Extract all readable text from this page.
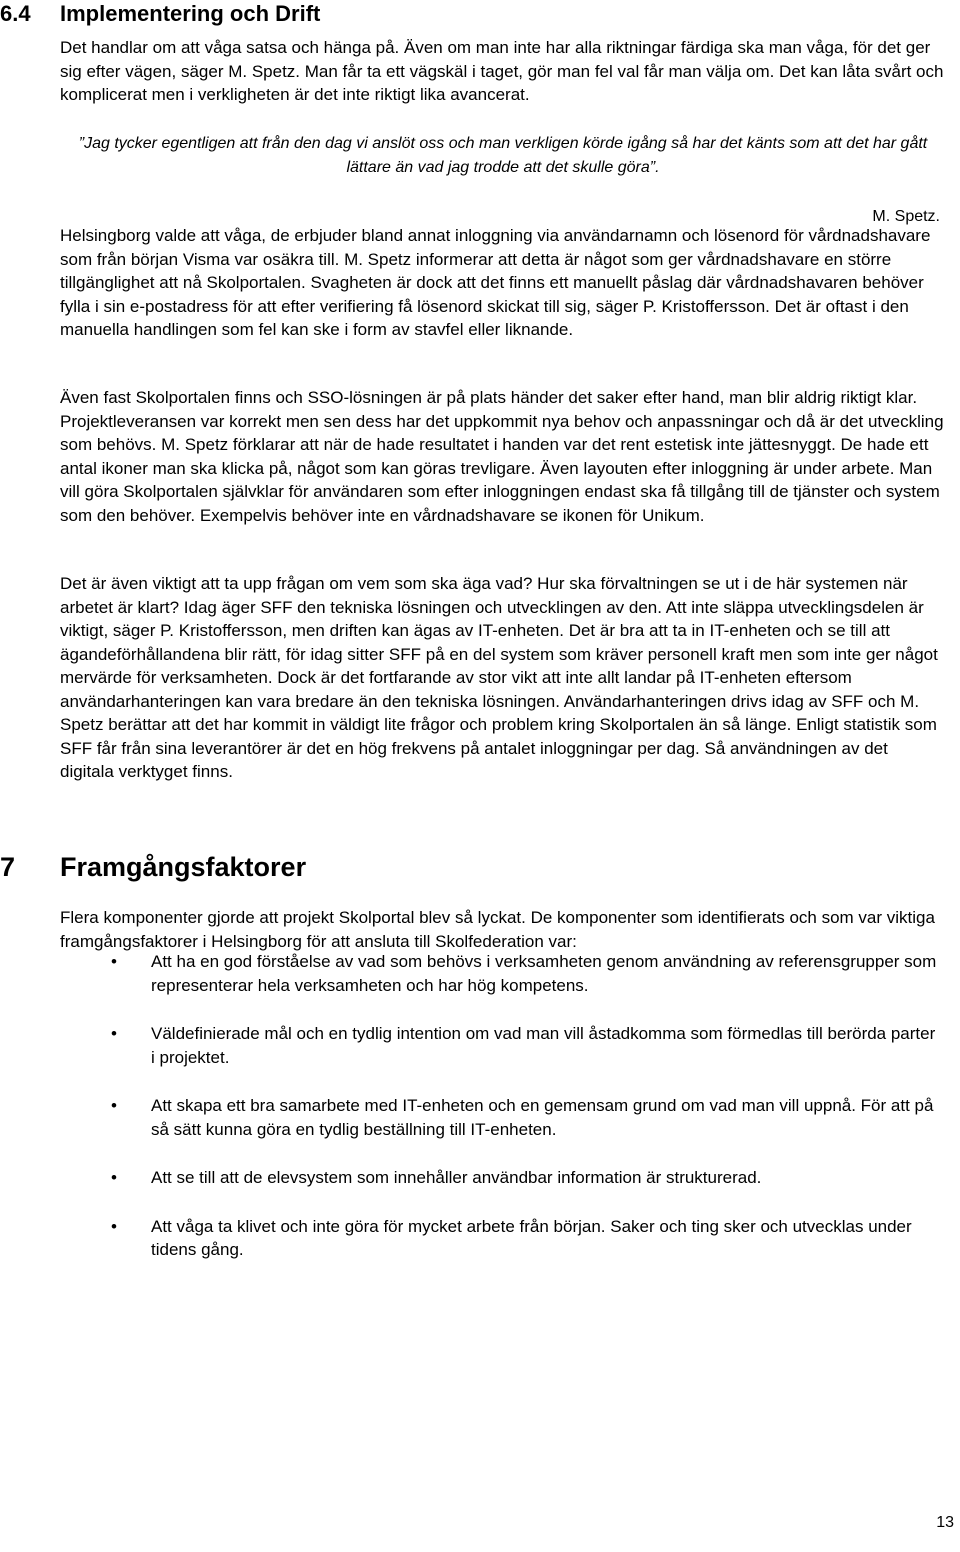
6.4 Implementering och Drift

Det handlar om att våga satsa och hänga på. Även om man inte har alla riktningar färdiga ska man våga, för det ger sig efter vägen, säger M. Spetz. Man får ta ett vägskäl i taget, gör man fel val får man välja om. Det kan låta svårt och komplicerat men i verkligheten är det inte riktigt lika avancerat.

”Jag tycker egentligen att från den dag vi anslöt oss och man verkligen körde igång så har det känts som att det har gått lättare än vad jag trodde att det skulle göra”.

M. Spetz.

Helsingborg valde att våga, de erbjuder bland annat inloggning via användarnamn och lösenord för vårdnadshavare som från början Visma var osäkra till. M. Spetz informerar att detta är något som ger vårdnadshavare en större tillgänglighet att nå Skolportalen. Svagheten är dock att det finns ett manuellt påslag där vårdnadshavaren behöver fylla i sin e-postadress för att efter verifiering få lösenord skickat till sig, säger P. Kristoffersson. Det är oftast i den manuella handlingen som fel kan ske i form av stavfel eller liknande.

Även fast Skolportalen finns och SSO-lösningen är på plats händer det saker efter hand, man blir aldrig riktigt klar. Projektleveransen var korrekt men sen dess har det uppkommit nya behov och anpassningar och då är det utveckling som behövs. M. Spetz förklarar att när de hade resultatet i handen var det rent estetisk inte jättesnyggt. De hade ett antal ikoner man ska klicka på, något som kan göras trevligare. Även layouten efter inloggning är under arbete. Man vill göra Skolportalen självklar för användaren som efter inloggningen endast ska få tillgång till de tjänster och system som den behöver. Exempelvis behöver inte en vårdnadshavare se ikonen för Unikum.

Det är även viktigt att ta upp frågan om vem som ska äga vad? Hur ska förvaltningen se ut i de här systemen när arbetet är klart? Idag äger SFF den tekniska lösningen och utvecklingen av den. Att inte släppa utvecklingsdelen är viktigt, säger P. Kristoffersson, men driften kan ägas av IT-enheten. Det är bra att ta in IT-enheten och se till att ägandeförhållandena blir rätt, för idag sitter SFF på en del system som kräver personell kraft men som inte ger något mervärde för verksamheten. Dock är det fortfarande av stor vikt att inte allt landar på IT-enheten eftersom användarhanteringen kan vara bredare än den tekniska lösningen. Användarhanteringen drivs idag av SFF och M. Spetz berättar att det har kommit in väldigt lite frågor och problem kring Skolportalen än så länge. Enligt statistik som SFF får från sina leverantörer är det en hög frekvens på antalet inloggningar per dag. Så användningen av det digitala verktyget finns.

7 Framgångsfaktorer

Flera komponenter gjorde att projekt Skolportal blev så lyckat. De komponenter som identifierats och som var viktiga framgångsfaktorer i Helsingborg för att ansluta till Skolfederation var:

• Att ha en god förståelse av vad som behövs i verksamheten genom användning av referensgrupper som representerar hela verksamheten och har hög kompetens.
• Väldefinierade mål och en tydlig intention om vad man vill åstadkomma som förmedlas till berörda parter i projektet.
• Att skapa ett bra samarbete med IT-enheten och en gemensam grund om vad man vill uppnå. För att på så sätt kunna göra en tydlig beställning till IT-enheten.
• Att se till att de elevsystem som innehåller användbar information är strukturerad.
• Att våga ta klivet och inte göra för mycket arbete från början. Saker och ting sker och utvecklas under tidens gång.
13
